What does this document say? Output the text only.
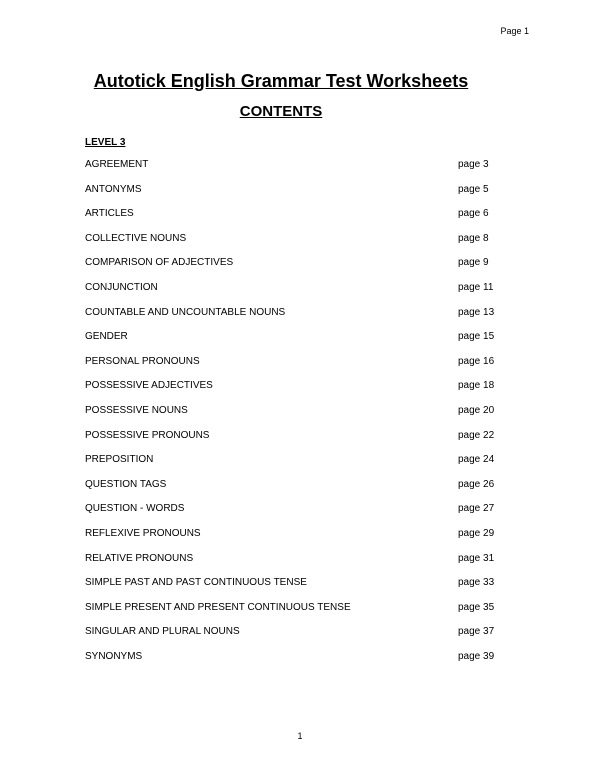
Page 1
Autotick English Grammar Test Worksheets
CONTENTS
LEVEL 3
AGREEMENT	page 3
ANTONYMS	page 5
ARTICLES	page 6
COLLECTIVE NOUNS	page 8
COMPARISON OF ADJECTIVES	page 9
CONJUNCTION	page 11
COUNTABLE AND UNCOUNTABLE NOUNS	page 13
GENDER	page 15
PERSONAL PRONOUNS	page 16
POSSESSIVE ADJECTIVES	page 18
POSSESSIVE NOUNS	page 20
POSSESSIVE PRONOUNS	page 22
PREPOSITION	page 24
QUESTION TAGS	page 26
QUESTION - WORDS	page 27
REFLEXIVE PRONOUNS	page 29
RELATIVE PRONOUNS	page 31
SIMPLE PAST AND PAST CONTINUOUS TENSE	page 33
SIMPLE PRESENT AND PRESENT CONTINUOUS TENSE	page 35
SINGULAR AND PLURAL NOUNS	page 37
SYNONYMS	page 39
1
